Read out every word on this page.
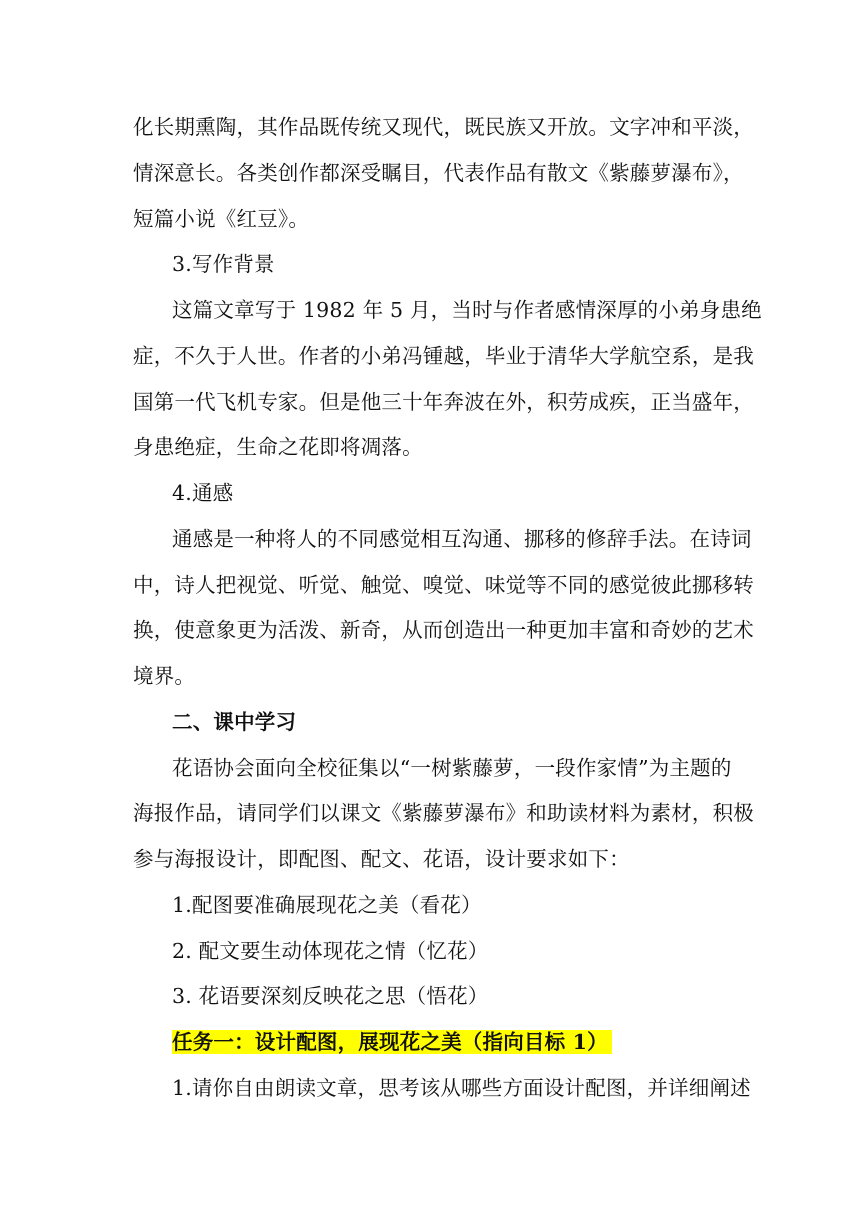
化长期熏陶，其作品既传统又现代，既民族又开放。文字冲和平淡，
情深意长。各类创作都深受瞩目，代表作品有散文《紫藤萝瀑布》，
短篇小说《红豆》。
3.写作背景
这篇文章写于 1982 年 5 月，当时与作者感情深厚的小弟身患绝
症，不久于人世。作者的小弟冯锺越，毕业于清华大学航空系，是我
国第一代飞机专家。但是他三十年奔波在外，积劳成疾，正当盛年，
身患绝症，生命之花即将凋落。
4.通感
通感是一种将人的不同感觉相互沟通、挪移的修辞手法。在诗词
中，诗人把视觉、听觉、触觉、嗅觉、味觉等不同的感觉彼此挪移转
换，使意象更为活泼、新奇，从而创造出一种更加丰富和奇妙的艺术
境界。
二、课中学习
花语协会面向全校征集以“一树紫藤萝，一段作家情”为主题的
海报作品，请同学们以课文《紫藤萝瀑布》和助读材料为素材，积极
参与海报设计，即配图、配文、花语，设计要求如下：
1.配图要准确展现花之美（看花）
2. 配文要生动体现花之情（忆花）
3. 花语要深刻反映花之思（悟花）
任务一：设计配图，展现花之美（指向目标 1）
1.请你自由朗读文章，思考该从哪些方面设计配图，并详细阐述
